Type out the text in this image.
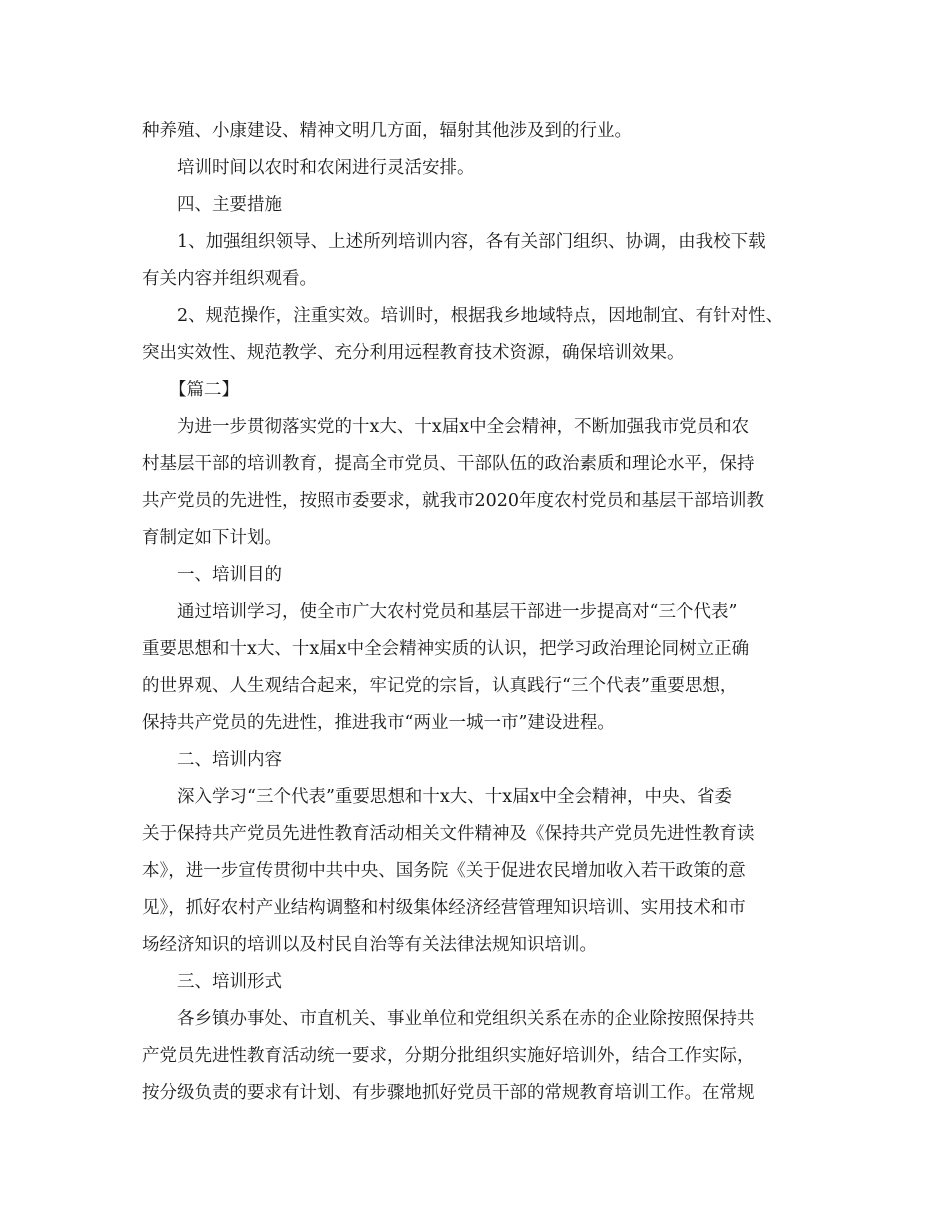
种养殖、小康建设、精神文明几方面，辐射其他涉及到的行业。
培训时间以农时和农闲进行灵活安排。
四、主要措施
1、加强组织领导、上述所列培训内容，各有关部门组织、协调，由我校下载
有关内容并组织观看。
2、规范操作，注重实效。培训时，根据我乡地域特点，因地制宜、有针对性、
突出实效性、规范教学、充分利用远程教育技术资源，确保培训效果。
【篇二】
为进一步贯彻落实党的十x大、十x届x中全会精神，不断加强我市党员和农
村基层干部的培训教育，提高全市党员、干部队伍的政治素质和理论水平，保持
共产党员的先进性，按照市委要求，就我市2020年度农村党员和基层干部培训教
育制定如下计划。
一、培训目的
通过培训学习，使全市广大农村党员和基层干部进一步提高对“三个代表”
重要思想和十x大、十x届x中全会精神实质的认识，把学习政治理论同树立正确
的世界观、人生观结合起来，牢记党的宗旨，认真践行“三个代表”重要思想，
保持共产党员的先进性，推进我市“两业一城一市”建设进程。
二、培训内容
深入学习“三个代表”重要思想和十x大、十x届x中全会精神，中央、省委
关于保持共产党员先进性教育活动相关文件精神及《保持共产党员先进性教育读
本》，进一步宣传贯彻中共中央、国务院《关于促进农民增加收入若干政策的意
见》，抓好农村产业结构调整和村级集体经济经营管理知识培训、实用技术和市
场经济知识的培训以及村民自治等有关法律法规知识培训。
三、培训形式
各乡镇办事处、市直机关、事业单位和党组织关系在赤的企业除按照保持共
产党员先进性教育活动统一要求，分期分批组织实施好培训外，结合工作实际，
按分级负责的要求有计划、有步骤地抓好党员干部的常规教育培训工作。在常规
